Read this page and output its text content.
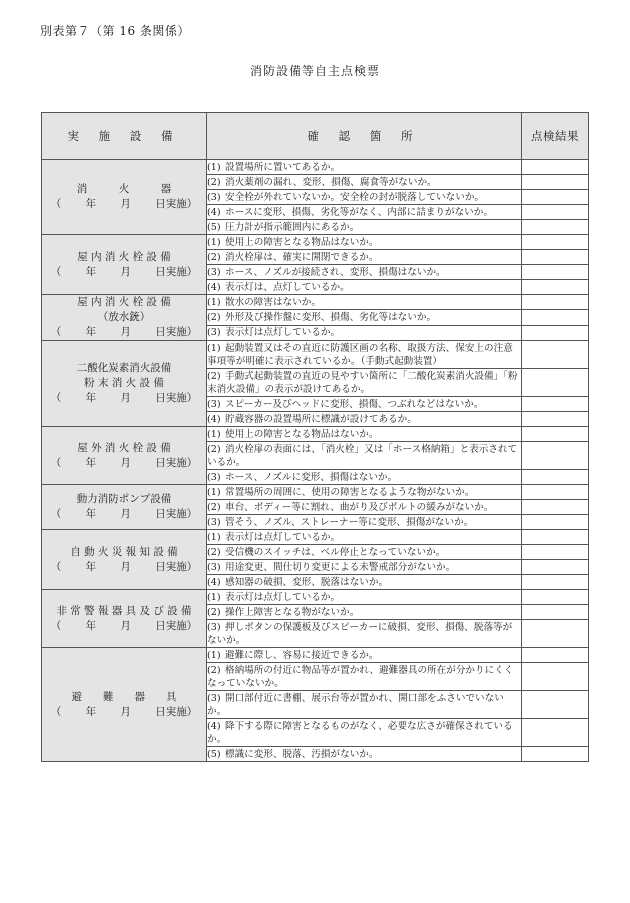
別表第７（第 16 条関係）
消防設備等自主点検票
実 施 設 備	確 認 箇 所	点検結果

消　　　火　　　器
（　　 年　　 月　　 日実施）	(1) 設置場所に置いてあるか。	
	(2) 消火薬剤の漏れ、変形、損傷、腐食等がないか。	
	(3) 安全栓が外れていないか。安全栓の封が脱落していないか。	
	(4) ホースに変形、損傷、劣化等がなく、内部に詰まりがないか。	
	(5) 圧力計が指示範囲内にあるか。	

屋 内 消 火 栓 設 備
（　　 年　　 月　　 日実施）	(1) 使用上の障害となる物品はないか。	
	(2) 消火栓扉は、確実に開閉できるか。	
	(3) ホース、ノズルが接続され、変形、損傷はないか。	
	(4) 表示灯は、点灯しているか。	

屋 内 消 火 栓 設 備
（放水銃）
（　　 年　　 月　　 日実施）	(1) 散水の障害はないか。	
	(2) 外形及び操作盤に変形、損傷、劣化等はないか。	
	(3) 表示灯は点灯しているか。	

二酸化炭素消火設備
粉 末 消 火 設 備
（　　 年　　 月　　 日実施）	(1) 起動装置又はその直近に防護区画の名称、取扱方法、保安上の注意事項等が明確に表示されているか。（手動式起動装置）	
	(2) 手動式起動装置の直近の見やすい箇所に「二酸化炭素消火設備」「粉末消火設備」の表示が設けてあるか。	
	(3) スピーカー及びヘッドに変形、損傷、つぶれなどはないか。	
	(4) 貯蔵容器の設置場所に標識が設けてあるか。	

屋 外 消 火 栓 設 備
（　　 年　　 月　　 日実施）	(1) 使用上の障害となる物品はないか。	
	(2) 消火栓扉の表面には、「消火栓」又は「ホース格納箱」と表示されているか。	
	(3) ホース、ノズルに変形、損傷はないか。	

動力消防ポンプ設備
（　　 年　　 月　　 日実施）	(1) 常置場所の周囲に、使用の障害となるような物がないか。	
	(2) 車台、ボディー等に割れ、曲がり及びボルトの緩みがないか。	
	(3) 管そう、ノズル、ストレーナー等に変形、損傷がないか。	

自 動 火 災 報 知 設 備
（　　 年　　 月　　 日実施）	(1) 表示灯は点灯しているか。	
	(2) 受信機のスイッチは、ベル停止となっていないか。	
	(3) 用途変更、間仕切り変更による未警戒部分がないか。	
	(4) 感知器の破損、変形、脱落はないか。	

非 常 警 報 器 具 及 び 設 備
（　　 年　　 月　　 日実施）	(1) 表示灯は点灯しているか。	
	(2) 操作上障害となる物がないか。	
	(3) 押しボタンの保護板及びスピーカーに破損、変形、損傷、脱落等がないか。	

避　　難　　器　　具
（　　 年　　 月　　 日実施）	(1) 避難に際し、容易に接近できるか。	
	(2) 格納場所の付近に物品等が置かれ、避難器具の所在が分かりにくくなっていないか。	
	(3) 開口部付近に書棚、展示台等が置かれ、開口部をふさいでいないか。	
	(4) 降下する際に障害となるものがなく、必要な広さが確保されているか。	
	(5) 標識に変形、脱落、汚損がないか。	
